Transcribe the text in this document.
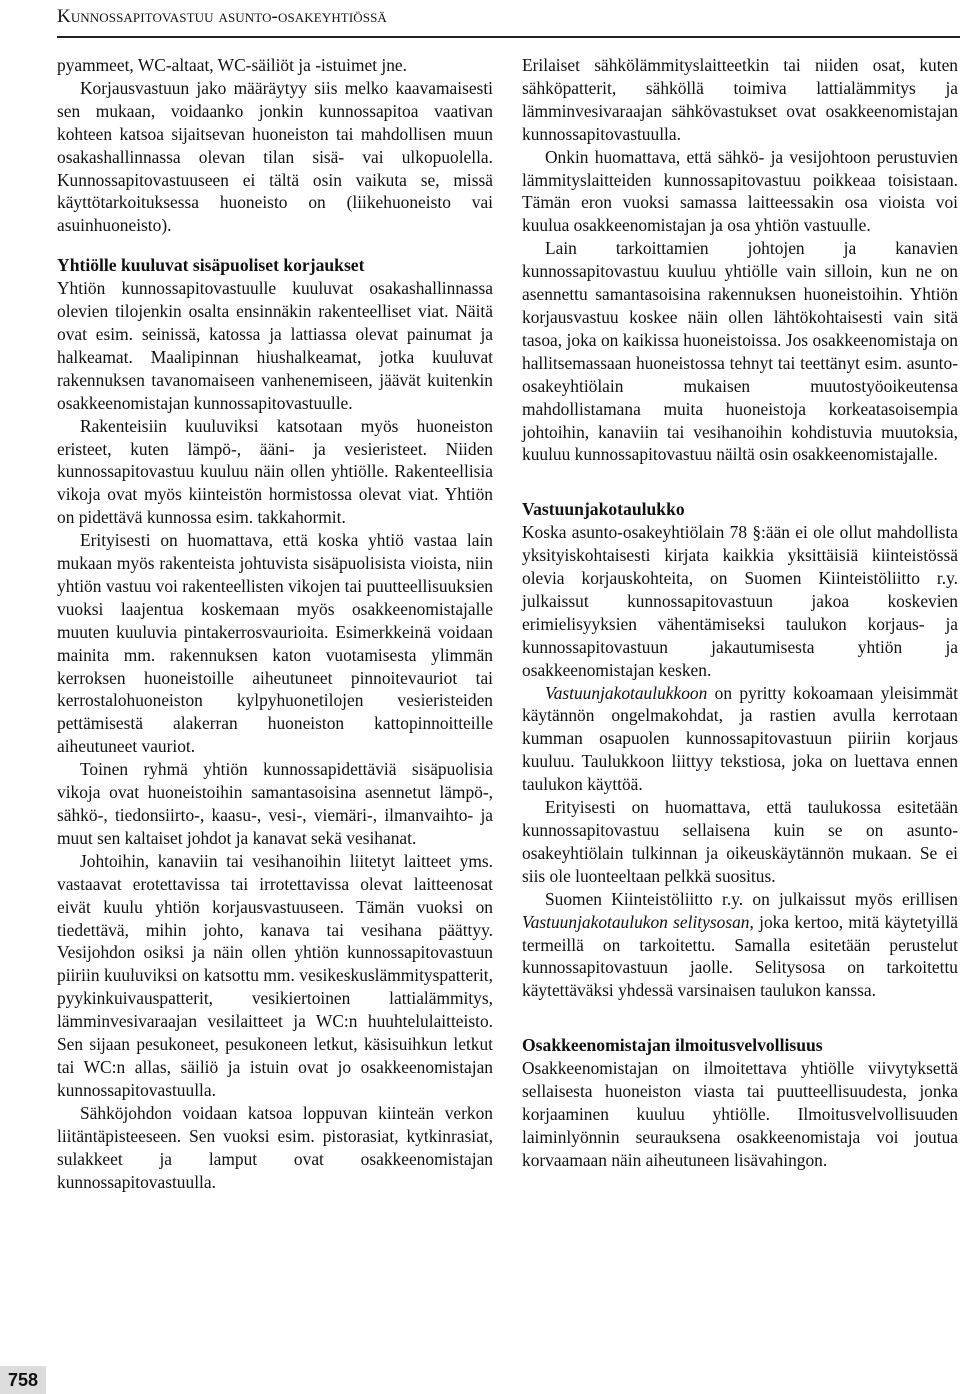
Kunnossapitovastuu asunto-osakeyhtiössä

pyammeet, WC-altaat, WC-säiliöt ja -istuimet jne.

Korjausvastuun jako määräytyy siis melko kaavamaisesti sen mukaan, voidaanko jonkin kunnossapitoa vaativan kohteen katsoa sijaitsevan huoneiston tai mahdollisen muun osakashallinnassa olevan tilan sisä- vai ulkopuolella. Kunnossapitovastuuseen ei tältä osin vaikuta se, missä käyttötarkoituksessa huoneisto on (liikehuoneisto vai asuinhuoneisto).

Yhtiölle kuuluvat sisäpuoliset korjaukset

Yhtiön kunnossapitovastuulle kuuluvat osakashallinnassa olevien tilojenkin osalta ensinnäkin rakenteelliset viat. Näitä ovat esim. seinissä, katossa ja lattiassa olevat painumat ja halkeamat. Maalipinnan hiushalkeamat, jotka kuuluvat rakennuksen tavanomaiseen vanhenemiseen, jäävät kuitenkin osakkeenomistajan kunnossapitovastuulle.

Rakenteisiin kuuluviksi katsotaan myös huoneiston eristeet, kuten lämpö-, ääni- ja vesieristeet. Niiden kunnossapitovastuu kuuluu näin ollen yhtiölle. Rakenteellisia vikoja ovat myös kiinteistön hormistossa olevat viat. Yhtiön on pidettävä kunnossa esim. takkahormit.

Erityisesti on huomattava, että koska yhtiö vastaa lain mukaan myös rakenteista johtuvista sisäpuolisista vioista, niin yhtiön vastuu voi rakenteellisten vikojen tai puutteellisuuksien vuoksi laajentua koskemaan myös osakkeenomistajalle muuten kuuluvia pintakerrosvaurioita. Esimerkkeinä voidaan mainita mm. rakennuksen katon vuotamisesta ylimmän kerroksen huoneistoille aiheutuneet pinnoitevauriot tai kerrostalohuoneiston kylpyhuonetilojen vesieristeiden pettämisestä alakerran huoneiston kattopinnoitteille aiheutuneet vauriot.

Toinen ryhmä yhtiön kunnossapidettäviä sisäpuolisia vikoja ovat huoneistoihin samantasoisina asennetut lämpö-, sähkö-, tiedonsiirto-, kaasu-, vesi-, viemäri-, ilmanvaihto- ja muut sen kaltaiset johdot ja kanavat sekä vesihanat.

Johtoihin, kanaviin tai vesihanoihin liitetyt laitteet yms. vastaavat erotettavissa tai irrotettavissa olevat laitteenosat eivät kuulu yhtiön korjausvastuuseen. Tämän vuoksi on tiedettävä, mihin johto, kanava tai vesihana päättyy. Vesijohdon osiksi ja näin ollen yhtiön kunnossapitovastuun piiriin kuuluviksi on katsottu mm. vesikeskuslämmityspatterit, pyykinkuivauspatterit, vesikiertoinen lattialämmitys, lämminvesivaraajan vesilaitteet ja WC:n huuhtelulaitteisto. Sen sijaan pesukoneet, pesukoneen letkut, käsisuihkun letkut tai WC:n allas, säiliö ja istuin ovat jo osakkeenomistajan kunnossapitovastuulla.

Sähköjohdon voidaan katsoa loppuvan kiinteän verkon liitäntäpisteeseen. Sen vuoksi esim. pistorasiat, kytkinrasiat, sulakkeet ja lamput ovat osakkeenomistajan kunnossapitovastuulla.

Erilaiset sähkölämmityslaitteetkin tai niiden osat, kuten sähköpatterit, sähköllä toimiva lattialämmitys ja lämminvesivaraajan sähkövastukset ovat osakkeenomistajan kunnossapitovastuulla.

Onkin huomattava, että sähkö- ja vesijohtoon perustuvien lämmityslaitteiden kunnossapitovastuu poikkeaa toisistaan. Tämän eron vuoksi samassa laitteessakin osa vioista voi kuulua osakkeenomistajan ja osa yhtiön vastuulle.

Lain tarkoittamien johtojen ja kanavien kunnossapitovastuu kuuluu yhtiölle vain silloin, kun ne on asennettu samantasoisina rakennuksen huoneistoihin. Yhtiön korjausvastuu koskee näin ollen lähtökohtaisesti vain sitä tasoa, joka on kaikissa huoneistoissa. Jos osakkeenomistaja on hallitsemassaan huoneistossa tehnyt tai teettänyt esim. asunto-osakeyhtiölain mukaisen muutostyöoikeutensa mahdollistamana muita huoneistoja korkeatasoisempia johtoihin, kanaviin tai vesihanoihin kohdistuvia muutoksia, kuuluu kunnossapitovastuu näiltä osin osakkeenomistajalle.

Vastuunjakotaulukko

Koska asunto-osakeyhtiölain 78 §:ään ei ole ollut mahdollista yksityiskohtaisesti kirjata kaikkia yksittäisiä kiinteistössä olevia korjauskohteita, on Suomen Kiinteistöliitto r.y. julkaissut kunnossapitovastuun jakoa koskevien erimielisyyksien vähentämiseksi taulukon korjaus- ja kunnossapitovastuun jakautumisesta yhtiön ja osakkeenomistajan kesken.

Vastuunjakotaulukkoon on pyritty kokoamaan yleisimmät käytännön ongelmakohdat, ja rastien avulla kerrotaan kumman osapuolen kunnossapitovastuun piiriin korjaus kuuluu. Taulukkoon liittyy tekstiosa, joka on luettava ennen taulukon käyttöä.

Erityisesti on huomattava, että taulukossa esitetään kunnossapitovastuu sellaisena kuin se on asunto-osakeyhtiölain tulkinnan ja oikeuskäytännön mukaan. Se ei siis ole luonteeltaan pelkkä suositus.

Suomen Kiinteistöliitto r.y. on julkaissut myös erillisen Vastuunjakotaulukon selitysosan, joka kertoo, mitä käytetyillä termeillä on tarkoitettu. Samalla esitetään perustelut kunnossapitovastuun jaolle. Selitysosa on tarkoitettu käytettäväksi yhdessä varsinaisen taulukon kanssa.

Osakkeenomistajan ilmoitusvelvollisuus

Osakkeenomistajan on ilmoitettava yhtiölle viivytyksettä sellaisesta huoneiston viasta tai puutteellisuudesta, jonka korjaaminen kuuluu yhtiölle. Ilmoitusvelvollisuuden laiminlyönnin seurauksena osakkeenomistaja voi joutua korvaamaan näin aiheutuneen lisävahingon.

758
